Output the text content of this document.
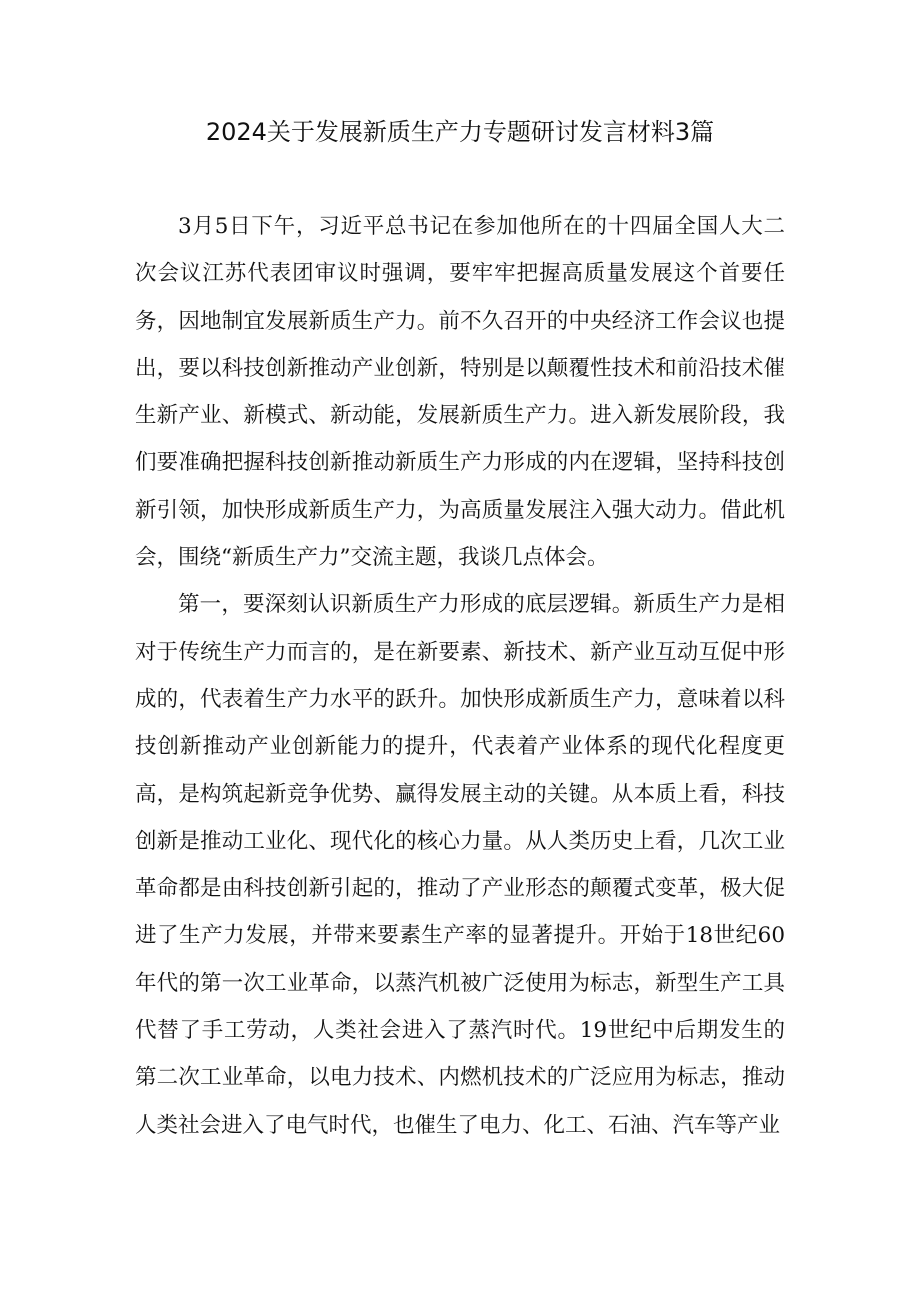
2024关于发展新质生产力专题研讨发言材料3篇

3月5日下午，习近平总书记在参加他所在的十四届全国人大二次会议江苏代表团审议时强调，要牢牢把握高质量发展这个首要任务，因地制宜发展新质生产力。前不久召开的中央经济工作会议也提出，要以科技创新推动产业创新，特别是以颠覆性技术和前沿技术催生新产业、新模式、新动能，发展新质生产力。进入新发展阶段，我们要准确把握科技创新推动新质生产力形成的内在逻辑，坚持科技创新引领，加快形成新质生产力，为高质量发展注入强大动力。借此机会，围绕“新质生产力”交流主题，我谈几点体会。

第一，要深刻认识新质生产力形成的底层逻辑。新质生产力是相对于传统生产力而言的，是在新要素、新技术、新产业互动互促中形成的，代表着生产力水平的跃升。加快形成新质生产力，意味着以科技创新推动产业创新能力的提升，代表着产业体系的现代化程度更高，是构筑起新竞争优势、赢得发展主动的关键。从本质上看，科技创新是推动工业化、现代化的核心力量。从人类历史上看，几次工业革命都是由科技创新引起的，推动了产业形态的颠覆式变革，极大促进了生产力发展，并带来要素生产率的显著提升。开始于18世纪60年代的第一次工业革命，以蒸汽机被广泛使用为标志，新型生产工具代替了手工劳动，人类社会进入了蒸汽时代。19世纪中后期发生的第二次工业革命，以电力技术、内燃机技术的广泛应用为标志，推动人类社会进入了电气时代，也催生了电力、化工、石油、汽车等产业
